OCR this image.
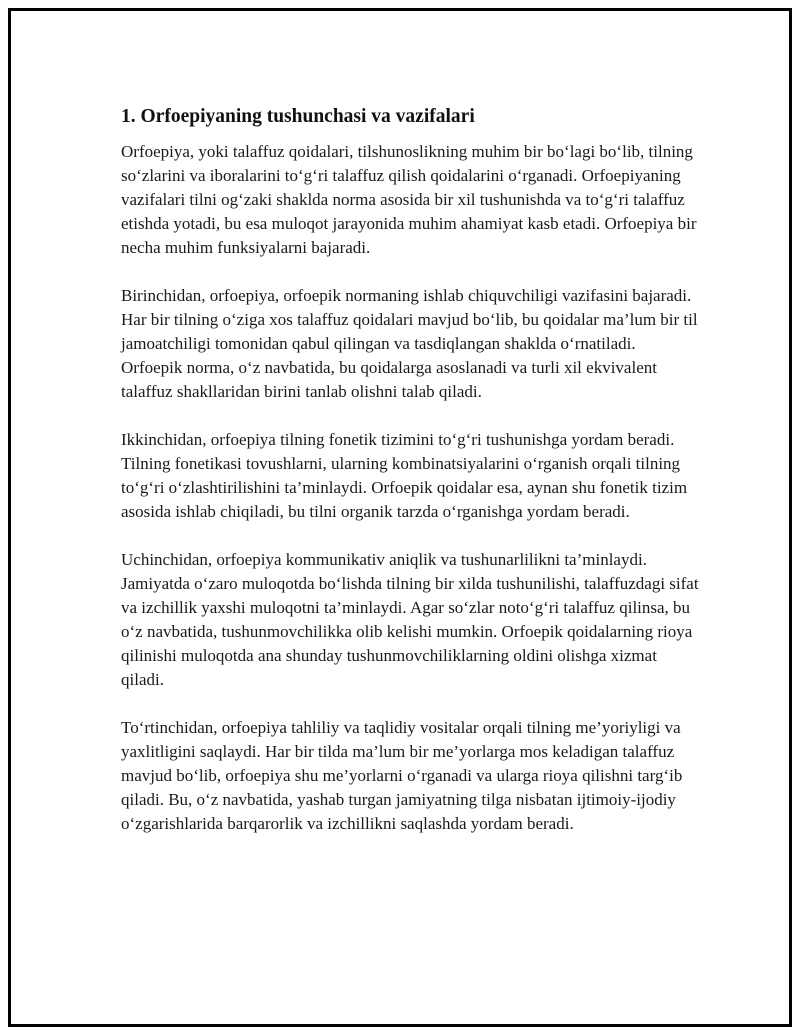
1. Orfoepiyaning tushunchasi va vazifalari

Orfoepiya, yoki talaffuz qoidalari, tilshunoslikning muhim bir bo‘lagi bo‘lib, tilning so‘zlarini va iboralarini to‘g‘ri talaffuz qilish qoidalarini o‘rganadi. Orfoepiyaning vazifalari tilni og‘zaki shaklda norma asosida bir xil tushunishda va to‘g‘ri talaffuz etishda yotadi, bu esa muloqot jarayonida muhim ahamiyat kasb etadi. Orfoepiya bir necha muhim funksiyalarni bajaradi.

Birinchidan, orfoepiya, orfoepik normaning ishlab chiquvchiligi vazifasini bajaradi. Har bir tilning o‘ziga xos talaffuz qoidalari mavjud bo‘lib, bu qoidalar ma’lum bir til jamoatchiligi tomonidan qabul qilingan va tasdiqlangan shaklda o‘rnatiladi. Orfoepik norma, o‘z navbatida, bu qoidalarga asoslanadi va turli xil ekvivalent talaffuz shakllaridan birini tanlab olishni talab qiladi.

Ikkinchidan, orfoepiya tilning fonetik tizimini to‘g‘ri tushunishga yordam beradi. Tilning fonetikasi tovushlarni, ularning kombinatsiyalarini o‘rganish orqali tilning to‘g‘ri o‘zlashtirilishini ta’minlaydi. Orfoepik qoidalar esa, aynan shu fonetik tizim asosida ishlab chiqiladi, bu tilni organik tarzda o‘rganishga yordam beradi.

Uchinchidan, orfoepiya kommunikativ aniqlik va tushunarlilikni ta’minlaydi. Jamiyatda o‘zaro muloqotda bo‘lishda tilning bir xilda tushunilishi, talaffuzdagi sifat va izchillik yaxshi muloqotni ta’minlaydi. Agar so‘zlar noto‘g‘ri talaffuz qilinsa, bu o‘z navbatida, tushunmovchilikka olib kelishi mumkin. Orfoepik qoidalarning rioya qilinishi muloqotda ana shunday tushunmovchiliklarning oldini olishga xizmat qiladi.

To‘rtinchidan, orfoepiya tahliliy va taqlidiy vositalar orqali tilning me’yoriyligi va yaxlitligini saqlaydi. Har bir tilda ma’lum bir me’yorlarga mos keladigan talaffuz mavjud bo‘lib, orfoepiya shu me’yorlarni o‘rganadi va ularga rioya qilishni targ‘ib qiladi. Bu, o‘z navbatida, yashab turgan jamiyatning tilga nisbatan ijtimoiy-ijodiy o‘zgarishlarida barqarorlik va izchillikni saqlashda yordam beradi.
